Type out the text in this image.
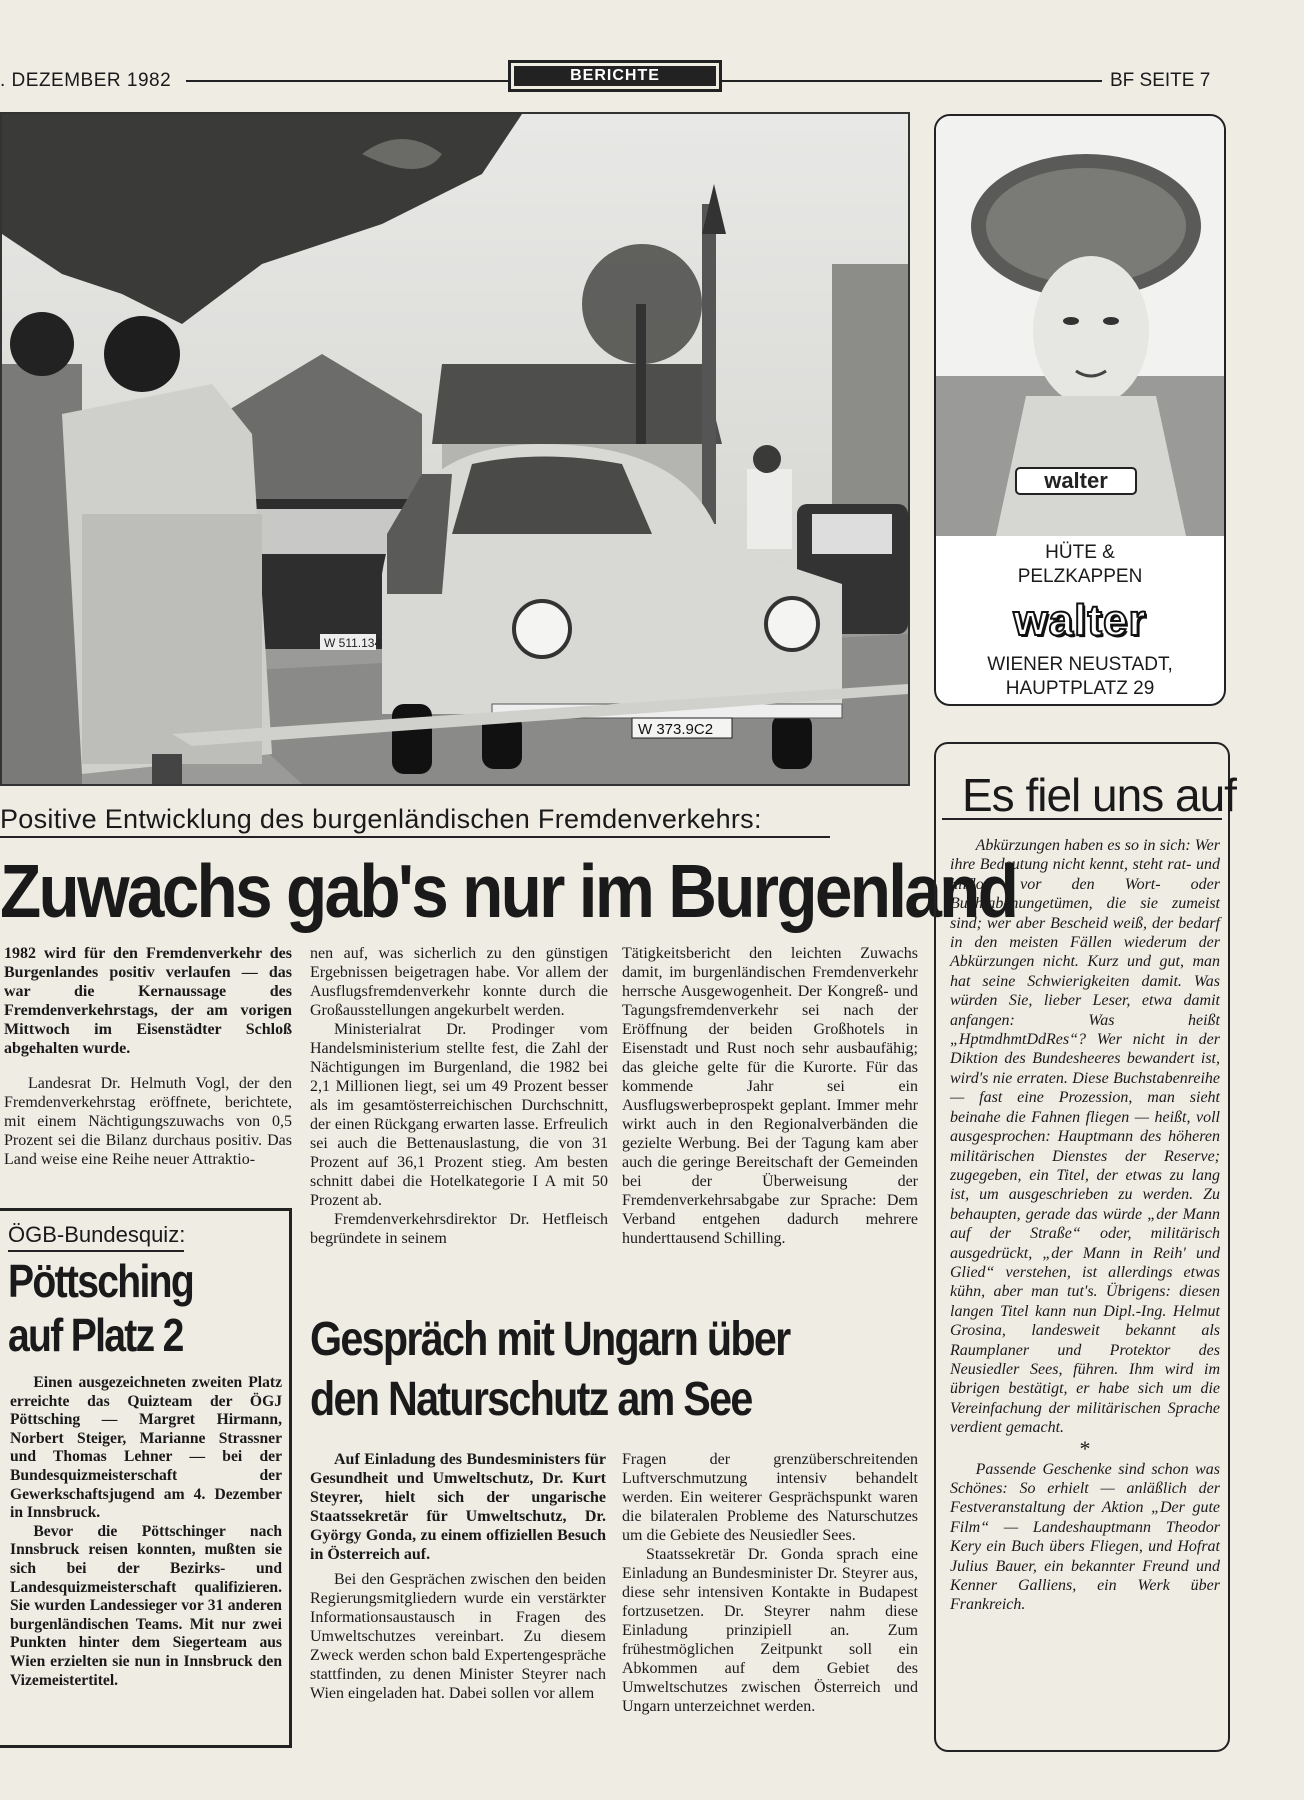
. DEZEMBER 1982	BERICHTE	BF SEITE 7
W 511.134
W 373.9C2
walter
HÜTE &
PELZKAPPEN
walter
WIENER NEUSTADT,
HAUPTPLATZ 29
Positive Entwicklung des burgenländischen Fremdenverkehrs:
Zuwachs gab's nur im Burgenland

1982 wird für den Fremdenverkehr des Burgenlandes positiv verlaufen — das war die Kernaussage des Fremdenverkehrstags, der am vorigen Mittwoch im Eisenstädter Schloß abgehalten wurde.

Landesrat Dr. Helmuth Vogl, der den Fremdenverkehrstag eröffnete, berichtete, mit einem Nächtigungszuwachs von 0,5 Prozent sei die Bilanz durchaus positiv. Das Land weise eine Reihe neuer Attraktio-

nen auf, was sicherlich zu den günstigen Ergebnissen beigetragen habe. Vor allem der Ausflugsfremdenverkehr konnte durch die Großausstellungen angekurbelt werden.

Ministerialrat Dr. Prodinger vom Handelsministerium stellte fest, die Zahl der Nächtigungen im Burgenland, die 1982 bei 2,1 Millionen liegt, sei um 49 Prozent besser als im gesamtösterreichischen Durchschnitt, der einen Rückgang erwarten lasse. Erfreulich sei auch die Bettenauslastung, die von 31 Prozent auf 36,1 Prozent stieg. Am besten schnitt dabei die Hotelkategorie I A mit 50 Prozent ab.

Fremdenverkehrsdirektor Dr. Hetfleisch begründete in seinem

Tätigkeitsbericht den leichten Zuwachs damit, im burgenländischen Fremdenverkehr herrsche Ausgewogenheit. Der Kongreß- und Tagungsfremdenverkehr sei nach der Eröffnung der beiden Großhotels in Eisenstadt und Rust noch sehr ausbaufähig; das gleiche gelte für die Kurorte. Für das kommende Jahr sei ein Ausflugswerbeprospekt geplant. Immer mehr wirkt auch in den Regionalverbänden die gezielte Werbung. Bei der Tagung kam aber auch die geringe Bereitschaft der Gemeinden bei der Überweisung der Fremdenverkehrsabgabe zur Sprache: Dem Verband entgehen dadurch mehrere hunderttausend Schilling.

ÖGB-Bundesquiz:
Pöttsching
auf Platz 2

Einen ausgezeichneten zweiten Platz erreichte das Quizteam der ÖGJ Pöttsching — Margret Hirmann, Norbert Steiger, Marianne Strassner und Thomas Lehner — bei der Bundesquizmeisterschaft der Gewerkschaftsjugend am 4. Dezember in Innsbruck.

Bevor die Pöttschinger nach Innsbruck reisen konnten, mußten sie sich bei der Bezirks- und Landesquizmeisterschaft qualifizieren. Sie wurden Landessieger vor 31 anderen burgenländischen Teams. Mit nur zwei Punkten hinter dem Siegerteam aus Wien erzielten sie nun in Innsbruck den Vizemeistertitel.

Gespräch mit Ungarn über
den Naturschutz am See

Auf Einladung des Bundesministers für Gesundheit und Umweltschutz, Dr. Kurt Steyrer, hielt sich der ungarische Staatssekretär für Umweltschutz, Dr. György Gonda, zu einem offiziellen Besuch in Österreich auf.

Bei den Gesprächen zwischen den beiden Regierungsmitgliedern wurde ein verstärkter Informationsaustausch in Fragen des Umweltschutzes vereinbart. Zu diesem Zweck werden schon bald Expertengespräche stattfinden, zu denen Minister Steyrer nach Wien eingeladen hat. Dabei sollen vor allem

Fragen der grenzüberschreitenden Luftverschmutzung intensiv behandelt werden. Ein weiterer Gesprächspunkt waren die bilateralen Probleme des Naturschutzes um die Gebiete des Neusiedler Sees.

Staatssekretär Dr. Gonda sprach eine Einladung an Bundesminister Dr. Steyrer aus, diese sehr intensiven Kontakte in Budapest fortzusetzen. Dr. Steyrer nahm diese Einladung prinzipiell an. Zum frühestmöglichen Zeitpunkt soll ein Abkommen auf dem Gebiet des Umweltschutzes zwischen Österreich und Ungarn unterzeichnet werden.

Es fiel uns auf

Abkürzungen haben es so in sich: Wer ihre Bedeutung nicht kennt, steht rat- und hilflos vor den Wort- oder Buchtabenungetümen, die sie zumeist sind; wer aber Bescheid weiß, der bedarf in den meisten Fällen wiederum der Abkürzungen nicht. Kurz und gut, man hat seine Schwierigkeiten damit. Was würden Sie, lieber Leser, etwa damit anfangen: Was heißt „HptmdhmtDdRes“? Wer nicht in der Diktion des Bundesheeres bewandert ist, wird's nie erraten. Diese Buchstabenreihe — fast eine Prozession, man sieht beinahe die Fahnen fliegen — heißt, voll ausgesprochen: Hauptmann des höheren militärischen Dienstes der Reserve; zugegeben, ein Titel, der etwas zu lang ist, um ausgeschrieben zu werden. Zu behaupten, gerade das würde „der Mann auf der Straße“ oder, militärisch ausgedrückt, „der Mann in Reih' und Glied“ verstehen, ist allerdings etwas kühn, aber man tut's. Übrigens: diesen langen Titel kann nun Dipl.-Ing. Helmut Grosina, landesweit bekannt als Raumplaner und Protektor des Neusiedler Sees, führen. Ihm wird im übrigen bestätigt, er habe sich um die Vereinfachung der militärischen Sprache verdient gemacht.

*

Passende Geschenke sind schon was Schönes: So erhielt — anläßlich der Festveranstaltung der Aktion „Der gute Film“ — Landeshauptmann Theodor Kery ein Buch übers Fliegen, und Hofrat Julius Bauer, ein bekannter Freund und Kenner Galliens, ein Werk über Frankreich.
